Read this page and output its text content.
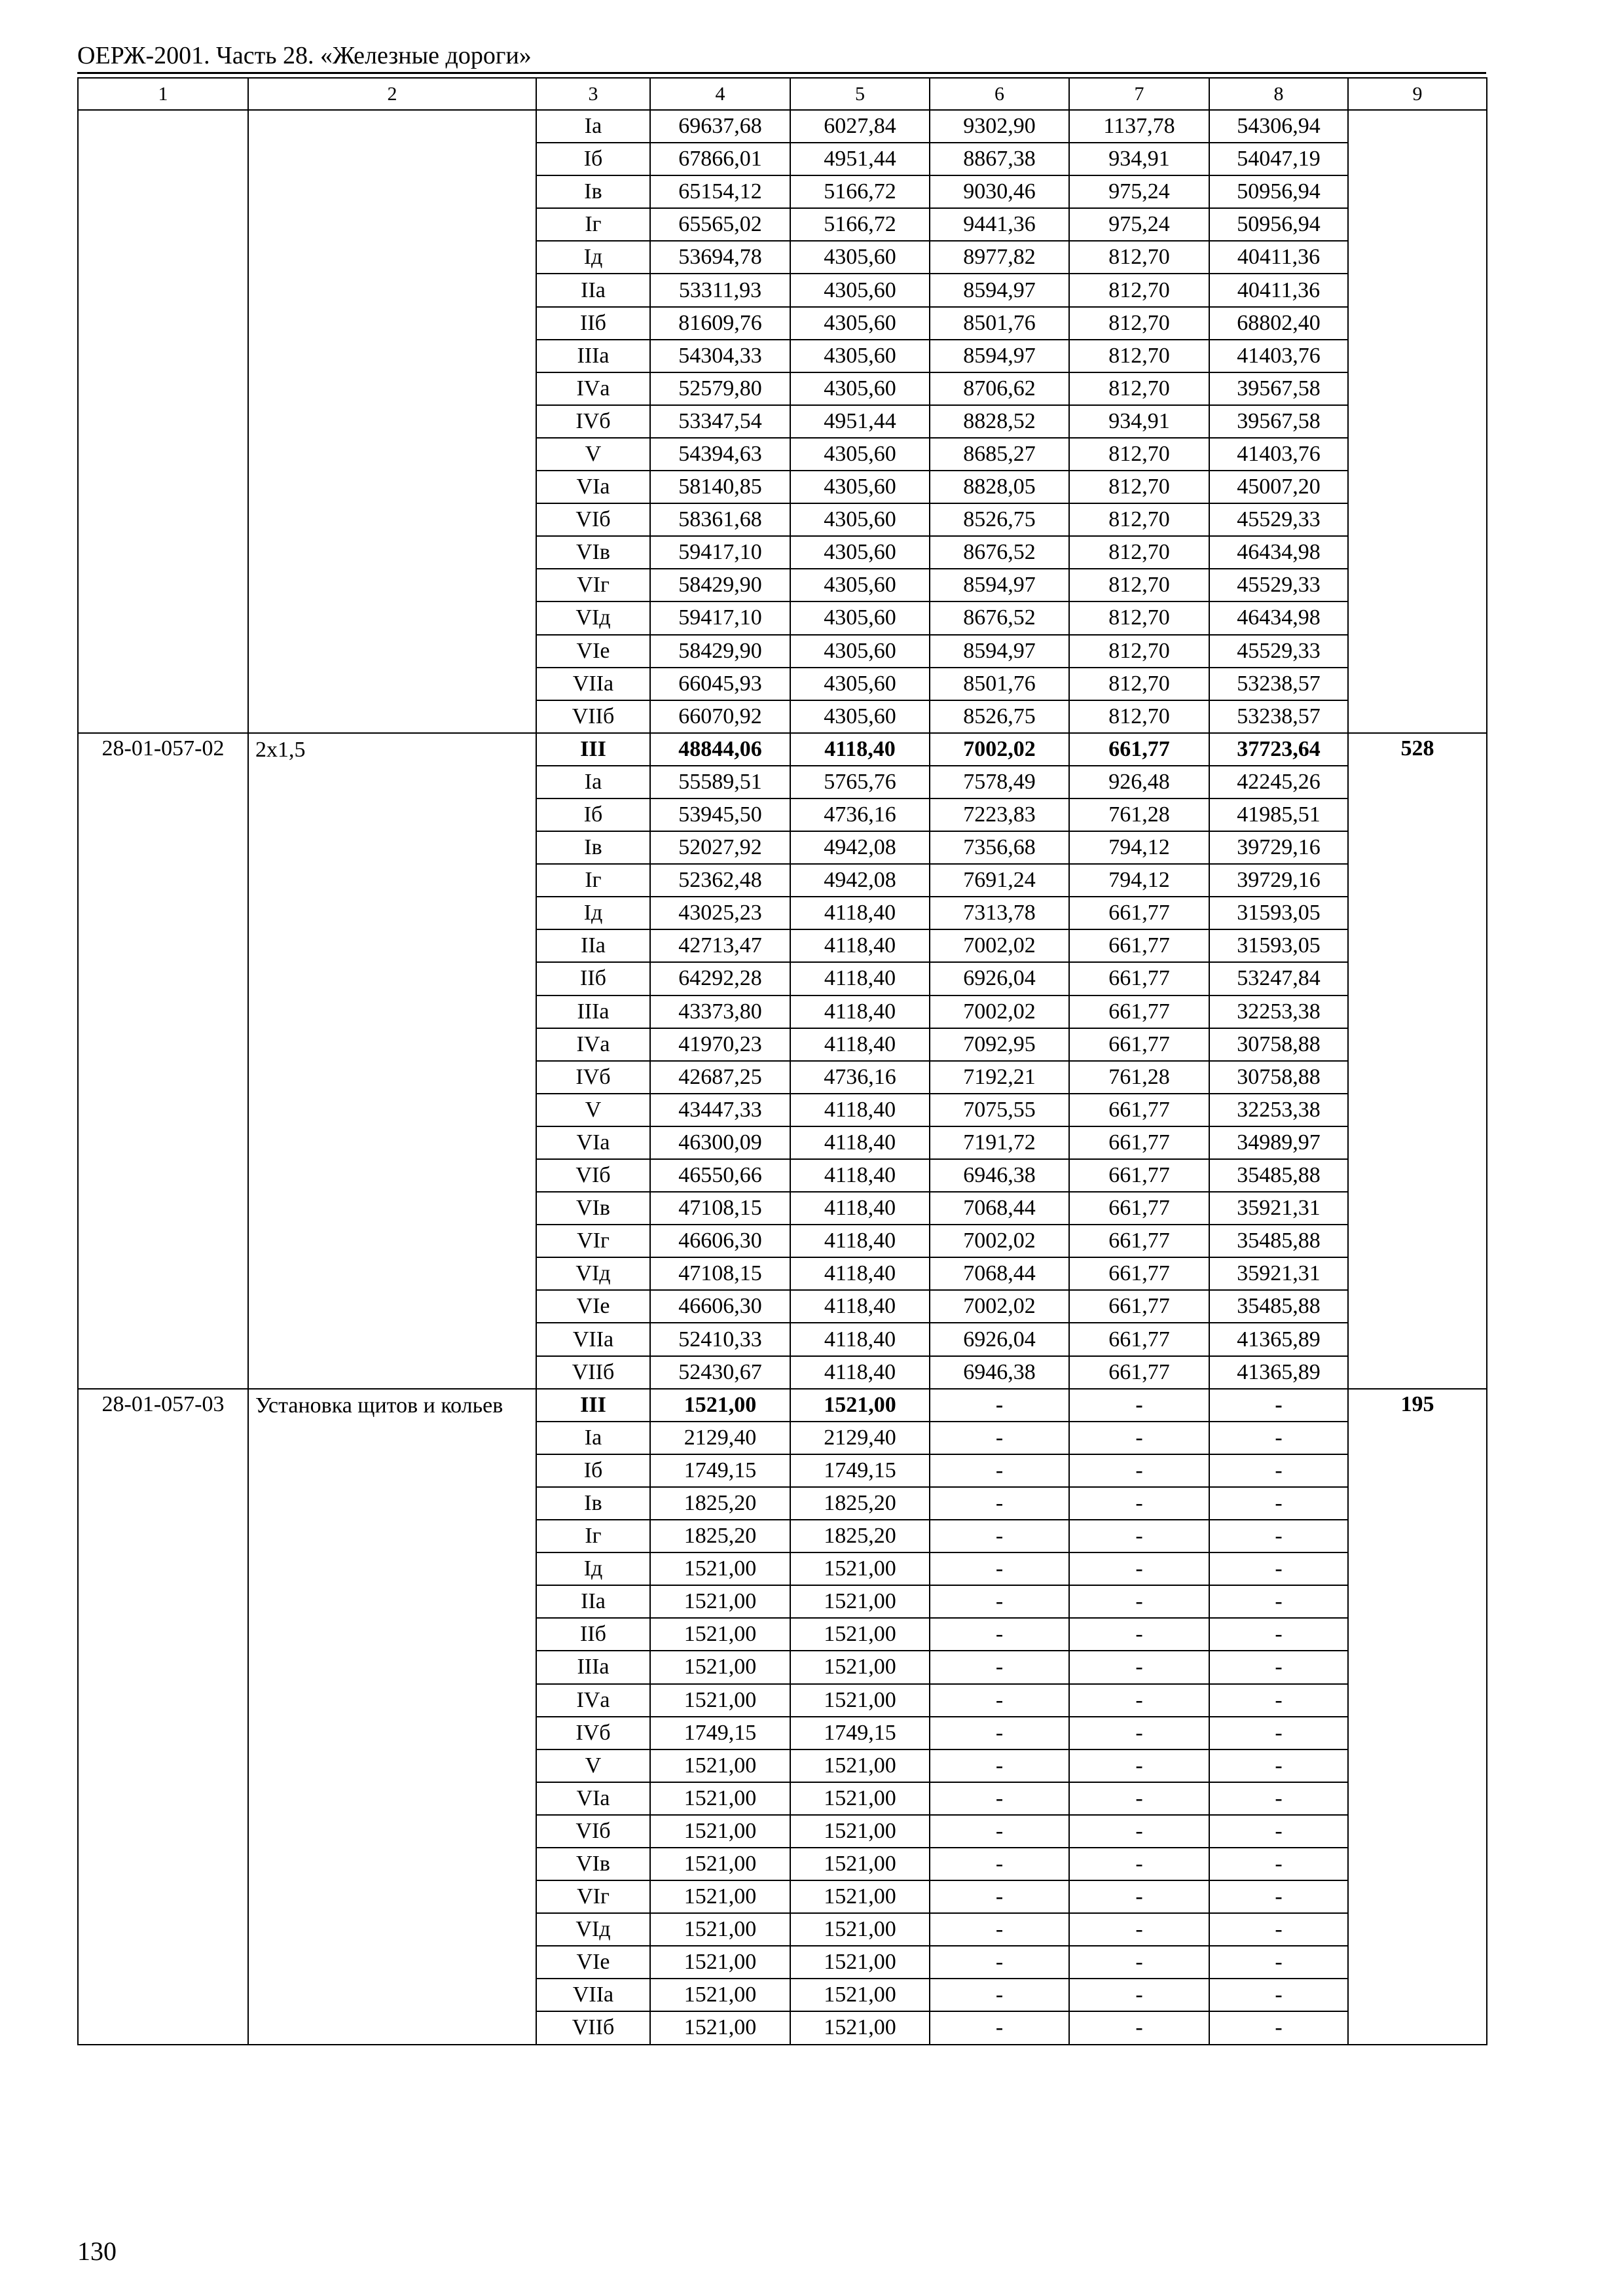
ОЕРЖ-2001. Часть 28. «Железные дороги»
1	2	3	4	5	6	7	8	9
		Iа	69637,68	6027,84	9302,90	1137,78	54306,94	
		Iб	67866,01	4951,44	8867,38	934,91	54047,19	
		Iв	65154,12	5166,72	9030,46	975,24	50956,94	
		Iг	65565,02	5166,72	9441,36	975,24	50956,94	
		Iд	53694,78	4305,60	8977,82	812,70	40411,36	
		IIа	53311,93	4305,60	8594,97	812,70	40411,36	
		IIб	81609,76	4305,60	8501,76	812,70	68802,40	
		IIIа	54304,33	4305,60	8594,97	812,70	41403,76	
		IVа	52579,80	4305,60	8706,62	812,70	39567,58	
		IVб	53347,54	4951,44	8828,52	934,91	39567,58	
		V	54394,63	4305,60	8685,27	812,70	41403,76	
		VIа	58140,85	4305,60	8828,05	812,70	45007,20	
		VIб	58361,68	4305,60	8526,75	812,70	45529,33	
		VIв	59417,10	4305,60	8676,52	812,70	46434,98	
		VIг	58429,90	4305,60	8594,97	812,70	45529,33	
		VIд	59417,10	4305,60	8676,52	812,70	46434,98	
		VIе	58429,90	4305,60	8594,97	812,70	45529,33	
		VIIа	66045,93	4305,60	8501,76	812,70	53238,57	
		VIIб	66070,92	4305,60	8526,75	812,70	53238,57	
28-01-057-02	2х1,5	III	48844,06	4118,40	7002,02	661,77	37723,64	528
		Iа	55589,51	5765,76	7578,49	926,48	42245,26	
		Iб	53945,50	4736,16	7223,83	761,28	41985,51	
		Iв	52027,92	4942,08	7356,68	794,12	39729,16	
		Iг	52362,48	4942,08	7691,24	794,12	39729,16	
		Iд	43025,23	4118,40	7313,78	661,77	31593,05	
		IIа	42713,47	4118,40	7002,02	661,77	31593,05	
		IIб	64292,28	4118,40	6926,04	661,77	53247,84	
		IIIа	43373,80	4118,40	7002,02	661,77	32253,38	
		IVа	41970,23	4118,40	7092,95	661,77	30758,88	
		IVб	42687,25	4736,16	7192,21	761,28	30758,88	
		V	43447,33	4118,40	7075,55	661,77	32253,38	
		VIа	46300,09	4118,40	7191,72	661,77	34989,97	
		VIб	46550,66	4118,40	6946,38	661,77	35485,88	
		VIв	47108,15	4118,40	7068,44	661,77	35921,31	
		VIг	46606,30	4118,40	7002,02	661,77	35485,88	
		VIд	47108,15	4118,40	7068,44	661,77	35921,31	
		VIе	46606,30	4118,40	7002,02	661,77	35485,88	
		VIIа	52410,33	4118,40	6926,04	661,77	41365,89	
		VIIб	52430,67	4118,40	6946,38	661,77	41365,89	
28-01-057-03	Установка щитов и кольев	III	1521,00	1521,00	-	-	-	195
		Iа	2129,40	2129,40	-	-	-	
		Iб	1749,15	1749,15	-	-	-	
		Iв	1825,20	1825,20	-	-	-	
		Iг	1825,20	1825,20	-	-	-	
		Iд	1521,00	1521,00	-	-	-	
		IIа	1521,00	1521,00	-	-	-	
		IIб	1521,00	1521,00	-	-	-	
		IIIа	1521,00	1521,00	-	-	-	
		IVа	1521,00	1521,00	-	-	-	
		IVб	1749,15	1749,15	-	-	-	
		V	1521,00	1521,00	-	-	-	
		VIа	1521,00	1521,00	-	-	-	
		VIб	1521,00	1521,00	-	-	-	
		VIв	1521,00	1521,00	-	-	-	
		VIг	1521,00	1521,00	-	-	-	
		VIд	1521,00	1521,00	-	-	-	
		VIе	1521,00	1521,00	-	-	-	
		VIIа	1521,00	1521,00	-	-	-	
		VIIб	1521,00	1521,00	-	-	-	
130
